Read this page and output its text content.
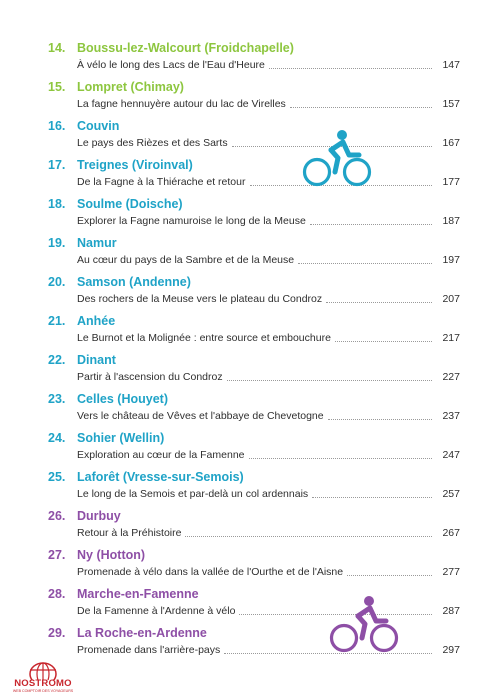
14. Boussu-lez-Walcourt (Froidchapelle)
À vélo le long des Lacs de l'Eau d'Heure	147
15. Lompret (Chimay)
La fagne hennuyère autour du lac de Virelles	157
16. Couvin
Le pays des Rièzes et des Sarts	167
17. Treignes (Viroinval)
De la Fagne à la Thiérache et retour	177
18. Soulme (Doische)
Explorer la Fagne namuroise le long de la Meuse	187
19. Namur
Au cœur du pays de la Sambre et de la Meuse	197
20. Samson (Andenne)
Des rochers de la Meuse vers le plateau du Condroz	207
21. Anhée
Le Burnot et la Molignée : entre source et embouchure	217
22. Dinant
Partir à l'ascension du Condroz	227
23. Celles (Houyet)
Vers le château de Vêves et l'abbaye de Chevetogne	237
24. Sohier (Wellin)
Exploration au cœur de la Famenne	247
25. Laforêt (Vresse-sur-Semois)
Le long de la Semois et par-delà un col ardennais	257
26. Durbuy
Retour à la Préhistoire	267
27. Ny (Hotton)
Promenade à vélo dans la vallée de l'Ourthe et de l'Aisne	277
28. Marche-en-Famenne
De la Famenne à l'Ardenne à vélo	287
29. La Roche-en-Ardenne
Promenade dans l'arrière-pays	297
NOSTROMO
WEB COMPTOIR DES VOYAGEURS
